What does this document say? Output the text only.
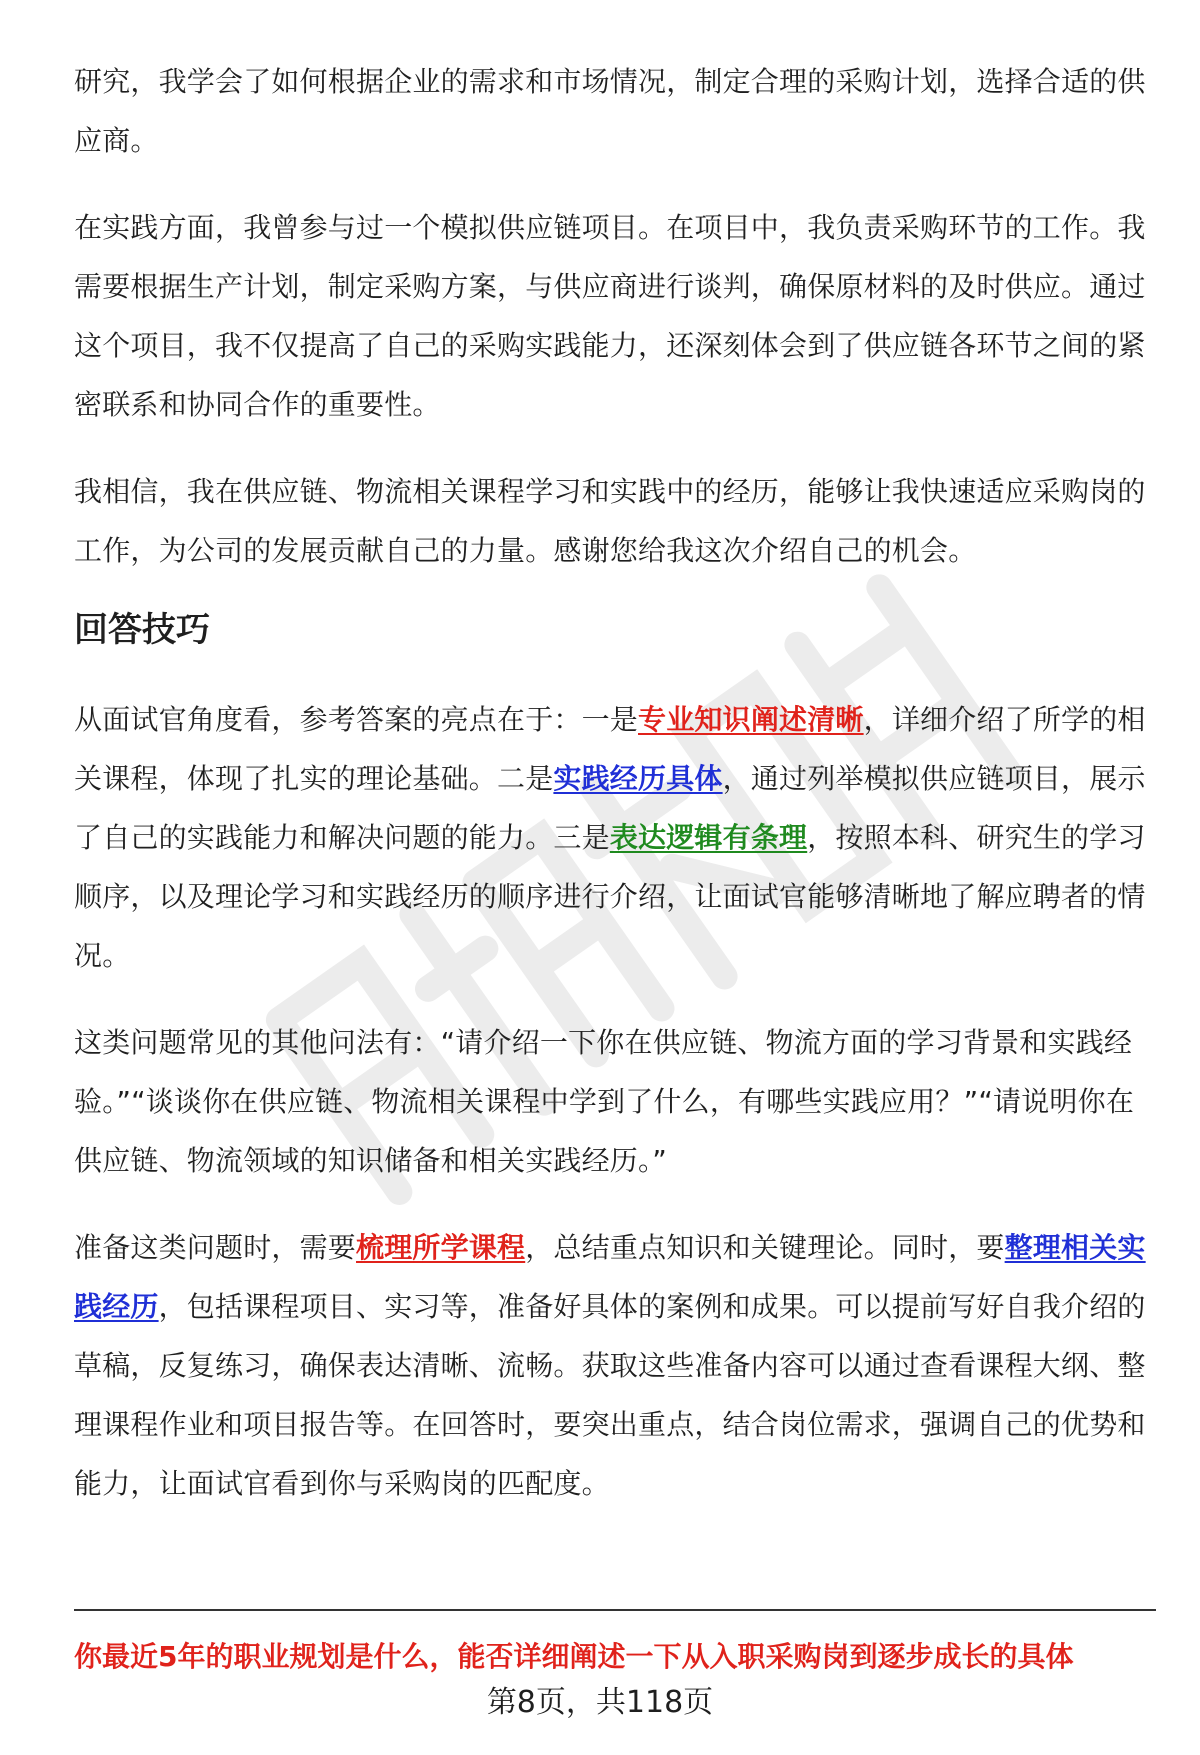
研究，我学会了如何根据企业的需求和市场情况，制定合理的采购计划，选择合适的供应商。

在实践方面，我曾参与过一个模拟供应链项目。在项目中，我负责采购环节的工作。我需要根据生产计划，制定采购方案，与供应商进行谈判，确保原材料的及时供应。通过这个项目，我不仅提高了自己的采购实践能力，还深刻体会到了供应链各环节之间的紧密联系和协同合作的重要性。

我相信，我在供应链、物流相关课程学习和实践中的经历，能够让我快速适应采购岗的工作，为公司的发展贡献自己的力量。感谢您给我这次介绍自己的机会。

回答技巧

从面试官角度看，参考答案的亮点在于：一是专业知识阐述清晰，详细介绍了所学的相关课程，体现了扎实的理论基础。二是实践经历具体，通过列举模拟供应链项目，展示了自己的实践能力和解决问题的能力。三是表达逻辑有条理，按照本科、研究生的学习顺序，以及理论学习和实践经历的顺序进行介绍，让面试官能够清晰地了解应聘者的情况。

这类问题常见的其他问法有：“请介绍一下你在供应链、物流方面的学习背景和实践经验。”“谈谈你在供应链、物流相关课程中学到了什么，有哪些实践应用？”“请说明你在供应链、物流领域的知识储备和相关实践经历。”

准备这类问题时，需要梳理所学课程，总结重点知识和关键理论。同时，要整理相关实践经历，包括课程项目、实习等，准备好具体的案例和成果。可以提前写好自我介绍的草稿，反复练习，确保表达清晰、流畅。获取这些准备内容可以通过查看课程大纲、整理课程作业和项目报告等。在回答时，要突出重点，结合岗位需求，强调自己的优势和能力，让面试官看到你与采购岗的匹配度。

你最近5年的职业规划是什么，能否详细阐述一下从入职采购岗到逐步成长的具体
第8页，共118页
